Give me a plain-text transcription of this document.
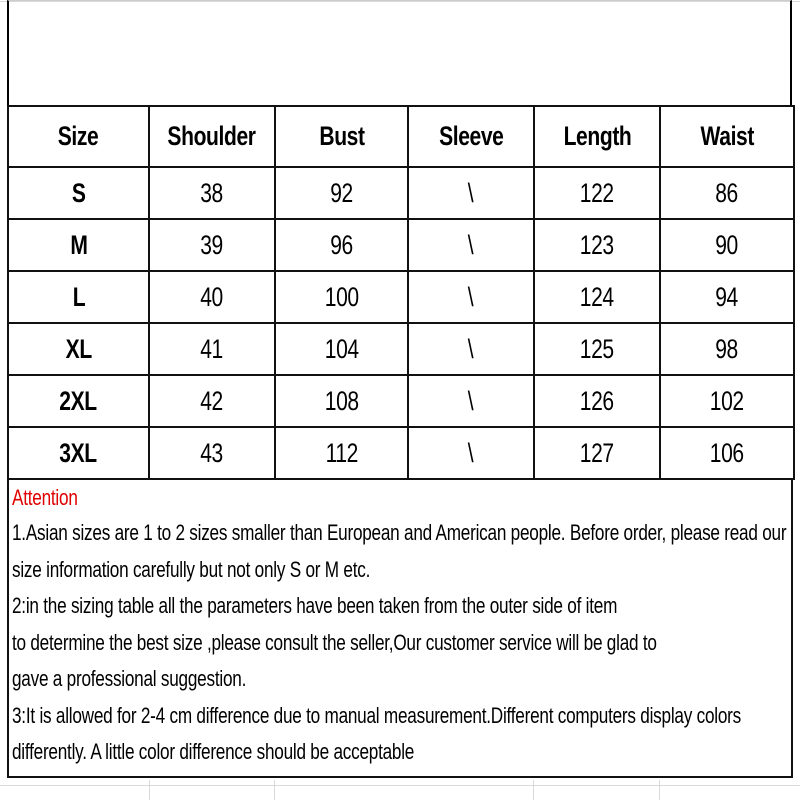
Size	Shoulder	Bust	Sleeve	Length	Waist
S	38	92	\	122	86
M	39	96	\	123	90
L	40	100	\	124	94
XL	41	104	\	125	98
2XL	42	108	\	126	102
3XL	43	112	\	127	106
Attention
1.Asian sizes are 1 to 2 sizes smaller than European and American people. Before order, please read our
size information carefully but not only S or M etc.
2:in the sizing table all the parameters have been taken from the outer side of item
to determine the best size ,please consult the seller,Our customer service will be glad to
gave a professional suggestion.
3:It is allowed for 2-4 cm difference due to manual measurement.Different computers display colors
differently. A little color difference should be acceptable
